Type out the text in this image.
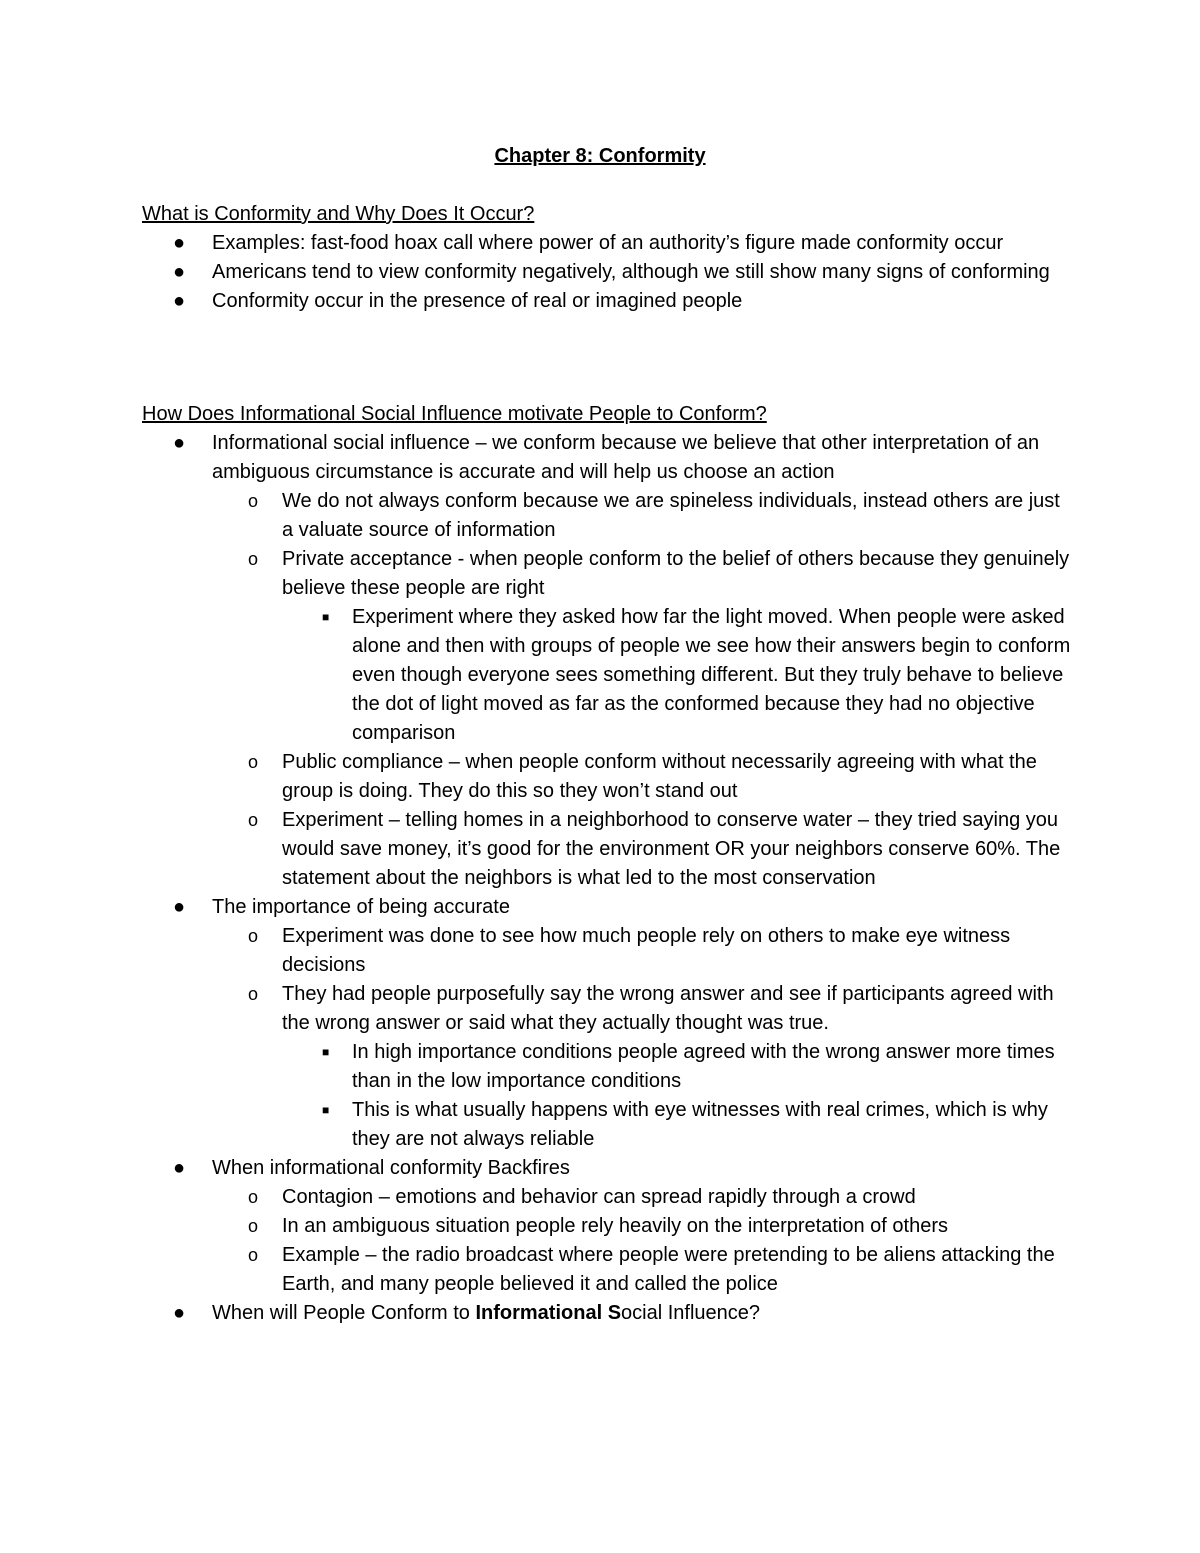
Chapter 8: Conformity

What is Conformity and Why Does It Occur?

● Examples: fast-food hoax call where power of an authority’s figure made conformity occur
● Americans tend to view conformity negatively, although we still show many signs of conforming
● Conformity occur in the presence of real or imagined people

How Does Informational Social Influence motivate People to Conform?

● Informational social influence – we conform because we believe that other interpretation of an ambiguous circumstance is accurate and will help us choose an action
o We do not always conform because we are spineless individuals, instead others are just a valuate source of information
o Private acceptance - when people conform to the belief of others because they genuinely believe these people are right
■ Experiment where they asked how far the light moved. When people were asked alone and then with groups of people we see how their answers begin to conform even though everyone sees something different. But they truly behave to believe the dot of light moved as far as the conformed because they had no objective comparison
o Public compliance – when people conform without necessarily agreeing with what the group is doing. They do this so they won’t stand out
o Experiment – telling homes in a neighborhood to conserve water – they tried saying you would save money, it’s good for the environment OR your neighbors conserve 60%. The statement about the neighbors is what led to the most conservation
● The importance of being accurate
o Experiment was done to see how much people rely on others to make eye witness decisions
o They had people purposefully say the wrong answer and see if participants agreed with the wrong answer or said what they actually thought was true.
■ In high importance conditions people agreed with the wrong answer more times than in the low importance conditions
■ This is what usually happens with eye witnesses with real crimes, which is why they are not always reliable
● When informational conformity Backfires
o Contagion – emotions and behavior can spread rapidly through a crowd
o In an ambiguous situation people rely heavily on the interpretation of others
o Example – the radio broadcast where people were pretending to be aliens attacking the Earth, and many people believed it and called the police
● When will People Conform to Informational Social Influence?
